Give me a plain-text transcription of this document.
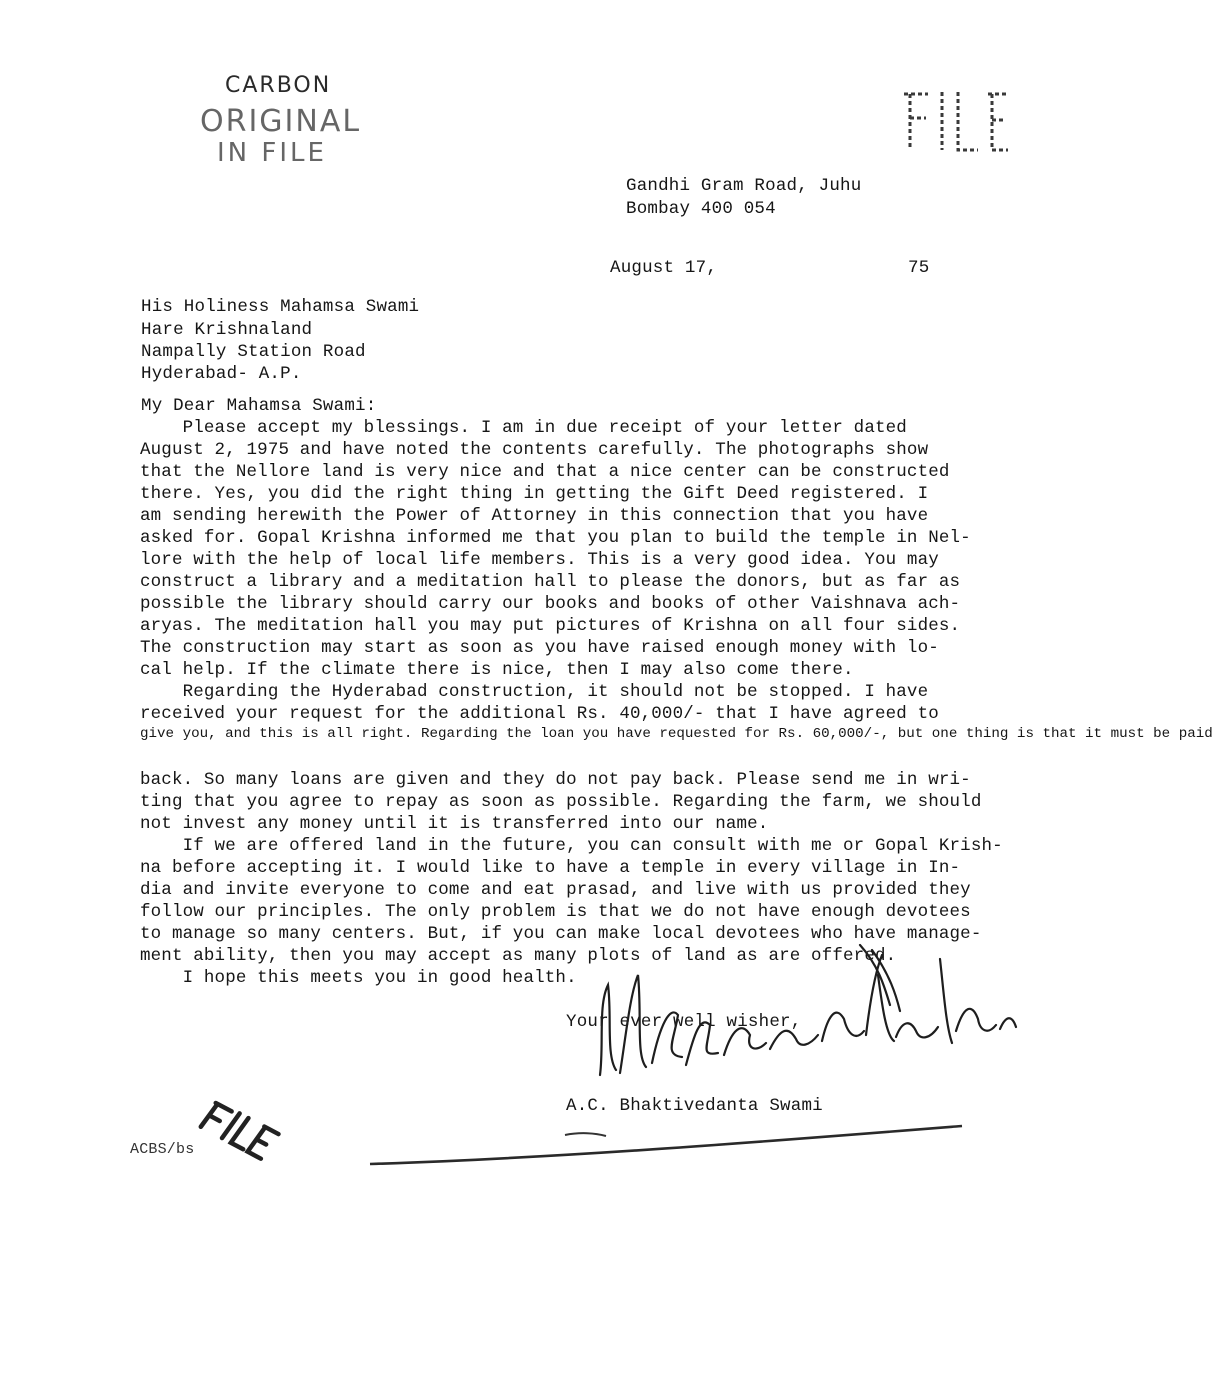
CARBON
ORIGINAL
IN FILE
Gandhi Gram Road, Juhu
Bombay 400 054
August 17,	75
His Holiness Mahamsa Swami
Hare Krishnaland
Nampally Station Road
Hyderabad- A.P.
My Dear Mahamsa Swami:
Please accept my blessings. I am in due receipt of your letter dated
August 2, 1975 and have noted the contents carefully. The photographs show
that the Nellore land is very nice and that a nice center can be constructed
there. Yes, you did the right thing in getting the Gift Deed registered. I
am sending herewith the Power of Attorney in this connection that you have
asked for. Gopal Krishna informed me that you plan to build the temple in Nel-
lore with the help of local life members. This is a very good idea. You may
construct a library and a meditation hall to please the donors, but as far as
possible the library should carry our books and books of other Vaishnava ach-
aryas. The meditation hall you may put pictures of Krishna on all four sides.
The construction may start as soon as you have raised enough money with lo-
cal help. If the climate there is nice, then I may also come there.
Regarding the Hyderabad construction, it should not be stopped. I have
received your request for the additional Rs. 40,000/- that I have agreed to
give you, and this is all right. Regarding the loan you have requested for Rs. 60,000/-, but one thing is that it must be paid
back. So many loans are given and they do not pay back. Please send me in wri-
ting that you agree to repay as soon as possible. Regarding the farm, we should
not invest any money until it is transferred into our name.
If we are offered land in the future, you can consult with me or Gopal Krish-
na before accepting it. I would like to have a temple in every village in In-
dia and invite everyone to come and eat prasad, and live with us provided they
follow our principles. The only problem is that we do not have enough devotees
to manage so many centers. But, if you can make local devotees who have manage-
ment ability, then you may accept as many plots of land as are offered.
I hope this meets you in good health.
Your ever well wisher,
A.C. Bhaktivedanta Swami
ACBS/bs
